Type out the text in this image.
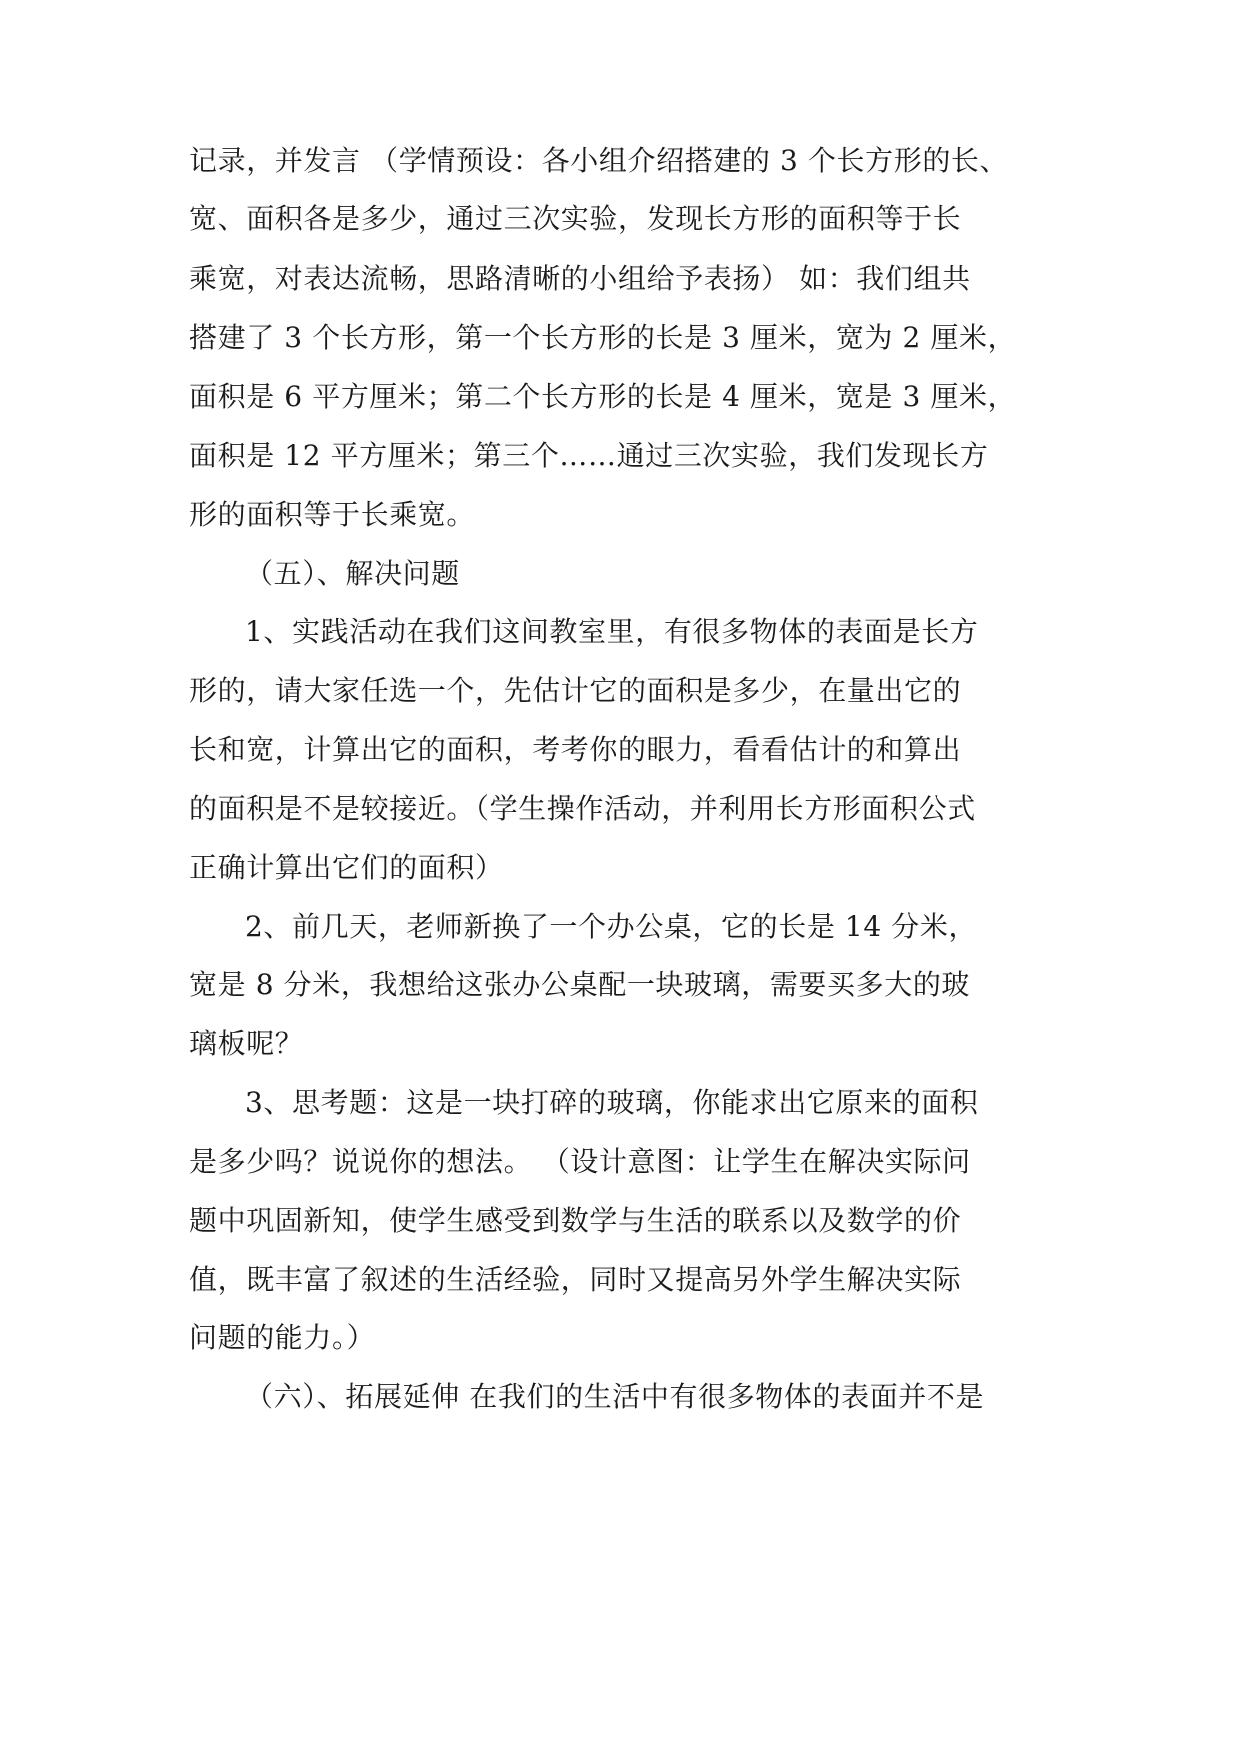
记录，并发言 （学情预设：各小组介绍搭建的 3 个长方形的长、
宽、面积各是多少，通过三次实验，发现长方形的面积等于长
乘宽，对表达流畅，思路清晰的小组给予表扬） 如：我们组共
搭建了 3 个长方形，第一个长方形的长是 3 厘米，宽为 2 厘米，
面积是 6 平方厘米；第二个长方形的长是 4 厘米，宽是 3 厘米，
面积是 12 平方厘米；第三个……通过三次实验，我们发现长方
形的面积等于长乘宽。
（五）、解决问题
1、实践活动在我们这间教室里，有很多物体的表面是长方
形的，请大家任选一个，先估计它的面积是多少，在量出它的
长和宽，计算出它的面积，考考你的眼力，看看估计的和算出
的面积是不是较接近。（学生操作活动，并利用长方形面积公式
正确计算出它们的面积）
2、前几天，老师新换了一个办公桌，它的长是 14 分米，
宽是 8 分米，我想给这张办公桌配一块玻璃，需要买多大的玻
璃板呢？
3、思考题：这是一块打碎的玻璃，你能求出它原来的面积
是多少吗？说说你的想法。 （设计意图：让学生在解决实际问
题中巩固新知，使学生感受到数学与生活的联系以及数学的价
值，既丰富了叙述的生活经验，同时又提高另外学生解决实际
问题的能力。）
（六）、拓展延伸 在我们的生活中有很多物体的表面并不是
